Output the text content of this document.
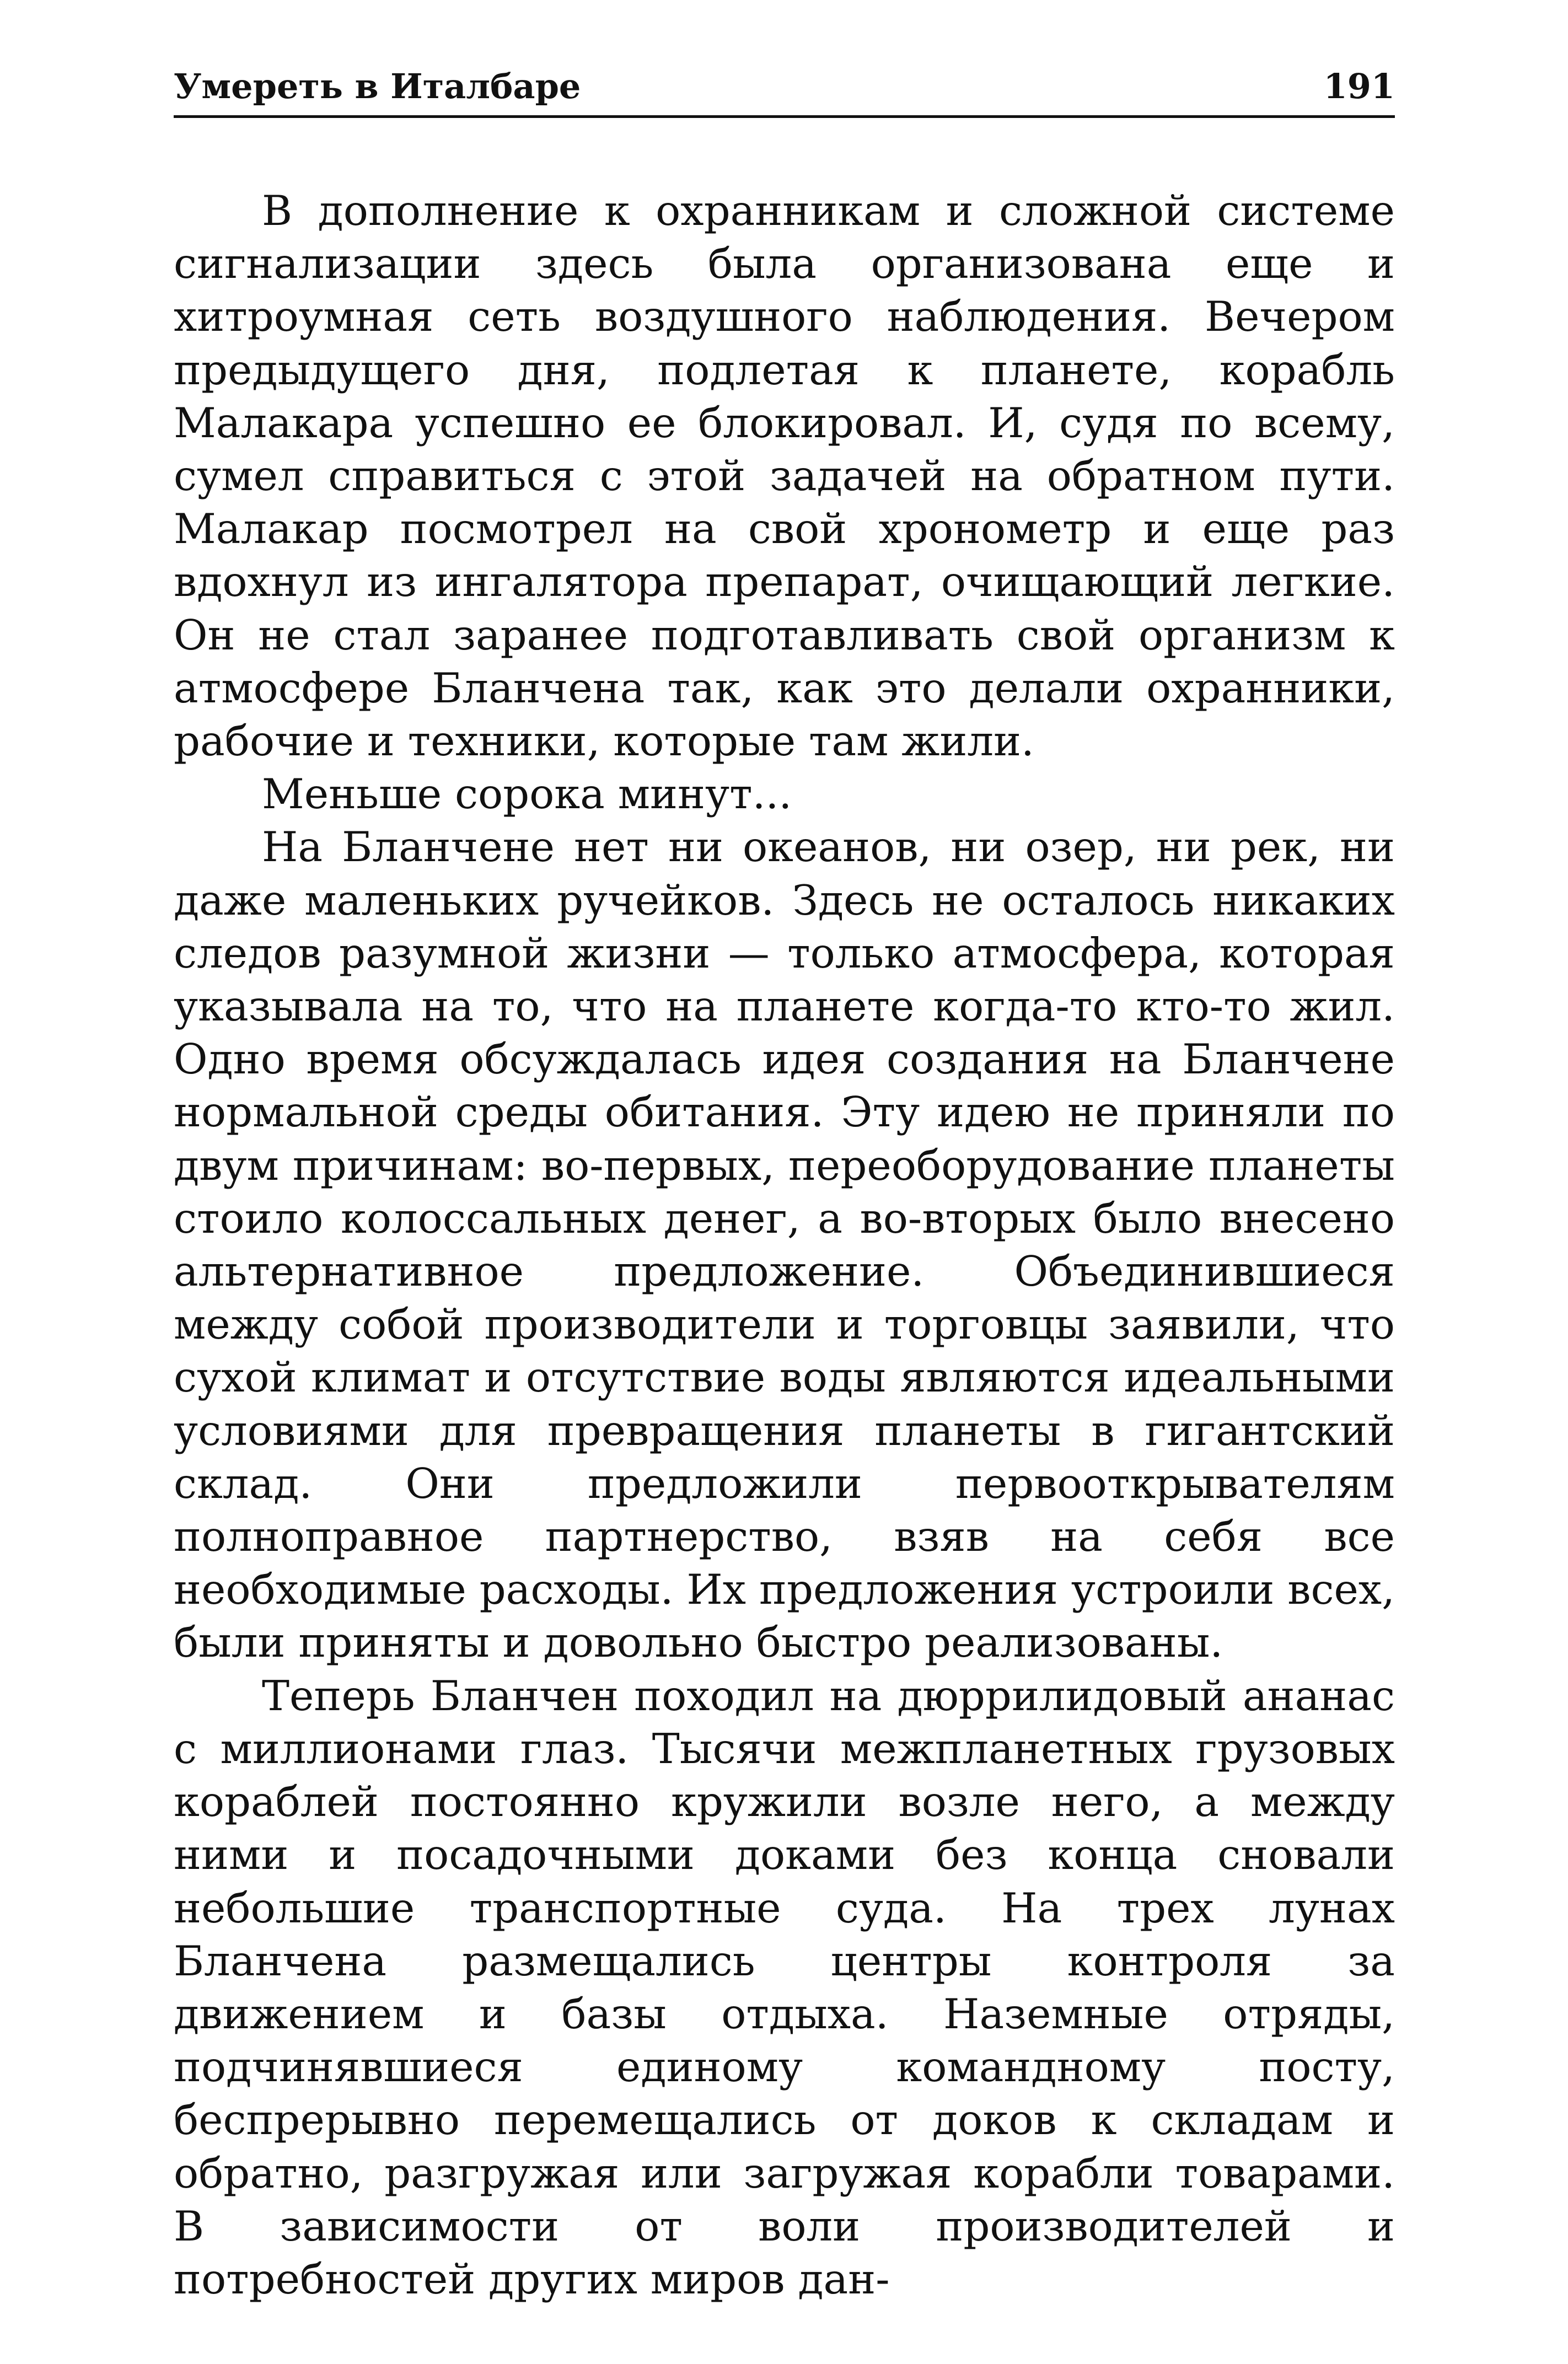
Умереть в Италбаре	191

В дополнение к охранникам и сложной системе сигнализации здесь была организована еще и хитроумная сеть воздушного наблюдения. Вечером предыдущего дня, подлетая к планете, корабль Малакара успешно ее блокировал. И, судя по всему, сумел справиться с этой задачей на обратном пути. Малакар посмотрел на свой хронометр и еще раз вдохнул из ингалятора препарат, очищающий легкие. Он не стал заранее подготавливать свой организм к атмосфере Бланчена так, как это делали охранники, рабочие и техники, которые там жили.

Меньше сорока минут...

На Бланчене нет ни океанов, ни озер, ни рек, ни даже маленьких ручейков. Здесь не осталось никаких следов разумной жизни — только атмосфера, которая указывала на то, что на планете когда-то кто-то жил. Одно время обсуждалась идея создания на Бланчене нормальной среды обитания. Эту идею не приняли по двум причинам: во-первых, переоборудование планеты стоило колоссальных денег, а во-вторых было внесено альтернативное предложение. Объединившиеся между собой производители и торговцы заявили, что сухой климат и отсутствие воды являются идеальными условиями для превращения планеты в гигантский склад. Они предложили первооткрывателям полноправное партнерство, взяв на себя все необходимые расходы. Их предложения устроили всех, были приняты и довольно быстро реализованы.

Теперь Бланчен походил на дюррилидовый ананас с миллионами глаз. Тысячи межпланетных грузовых кораблей постоянно кружили возле него, а между ними и посадочными доками без конца сновали небольшие транспортные суда. На трех лунах Бланчена размещались центры контроля за движением и базы отдыха. Наземные отряды, подчинявшиеся единому командному посту, беспрерывно перемещались от доков к складам и обратно, разгружая или загружая корабли товарами. В зависимости от воли производителей и потребностей других миров дан-
